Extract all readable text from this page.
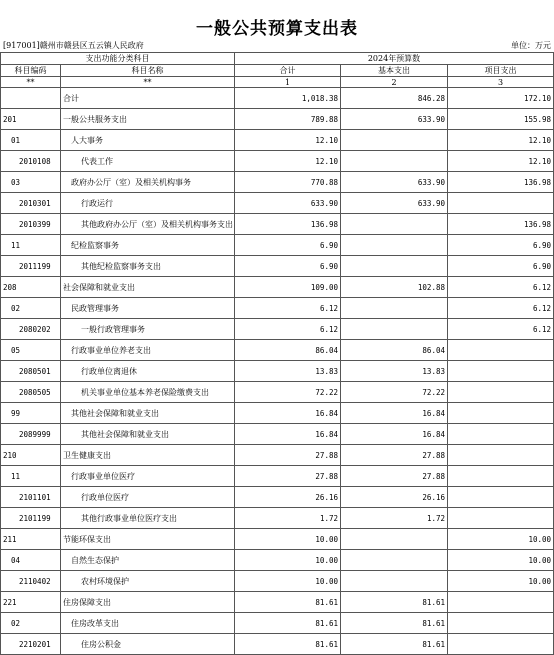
一般公共预算支出表
[917001]赣州市赣县区五云镇人民政府	单位：万元
支出功能分类科目		2024年预算数		
科目编码	科目名称	合计	基本支出	项目支出
**	**	1	2	3
	合计	1,018.38	846.28	172.10
201	一般公共服务支出	789.88	633.90	155.98
01	人大事务	12.10		12.10
2010108	代表工作	12.10		12.10
03	政府办公厅（室）及相关机构事务	770.88	633.90	136.98
2010301	行政运行	633.90	633.90	
2010399	其他政府办公厅（室）及相关机构事务支出	136.98		136.98
11	纪检监察事务	6.90		6.90
2011199	其他纪检监察事务支出	6.90		6.90
208	社会保障和就业支出	109.00	102.88	6.12
02	民政管理事务	6.12		6.12
2080202	一般行政管理事务	6.12		6.12
05	行政事业单位养老支出	86.04	86.04	
2080501	行政单位离退休	13.83	13.83	
2080505	机关事业单位基本养老保险缴费支出	72.22	72.22	
99	其他社会保障和就业支出	16.84	16.84	
2089999	其他社会保障和就业支出	16.84	16.84	
210	卫生健康支出	27.88	27.88	
11	行政事业单位医疗	27.88	27.88	
2101101	行政单位医疗	26.16	26.16	
2101199	其他行政事业单位医疗支出	1.72	1.72	
211	节能环保支出	10.00		10.00
04	自然生态保护	10.00		10.00
2110402	农村环境保护	10.00		10.00
221	住房保障支出	81.61	81.61	
02	住房改革支出	81.61	81.61	
2210201	住房公积金	81.61	81.61	
